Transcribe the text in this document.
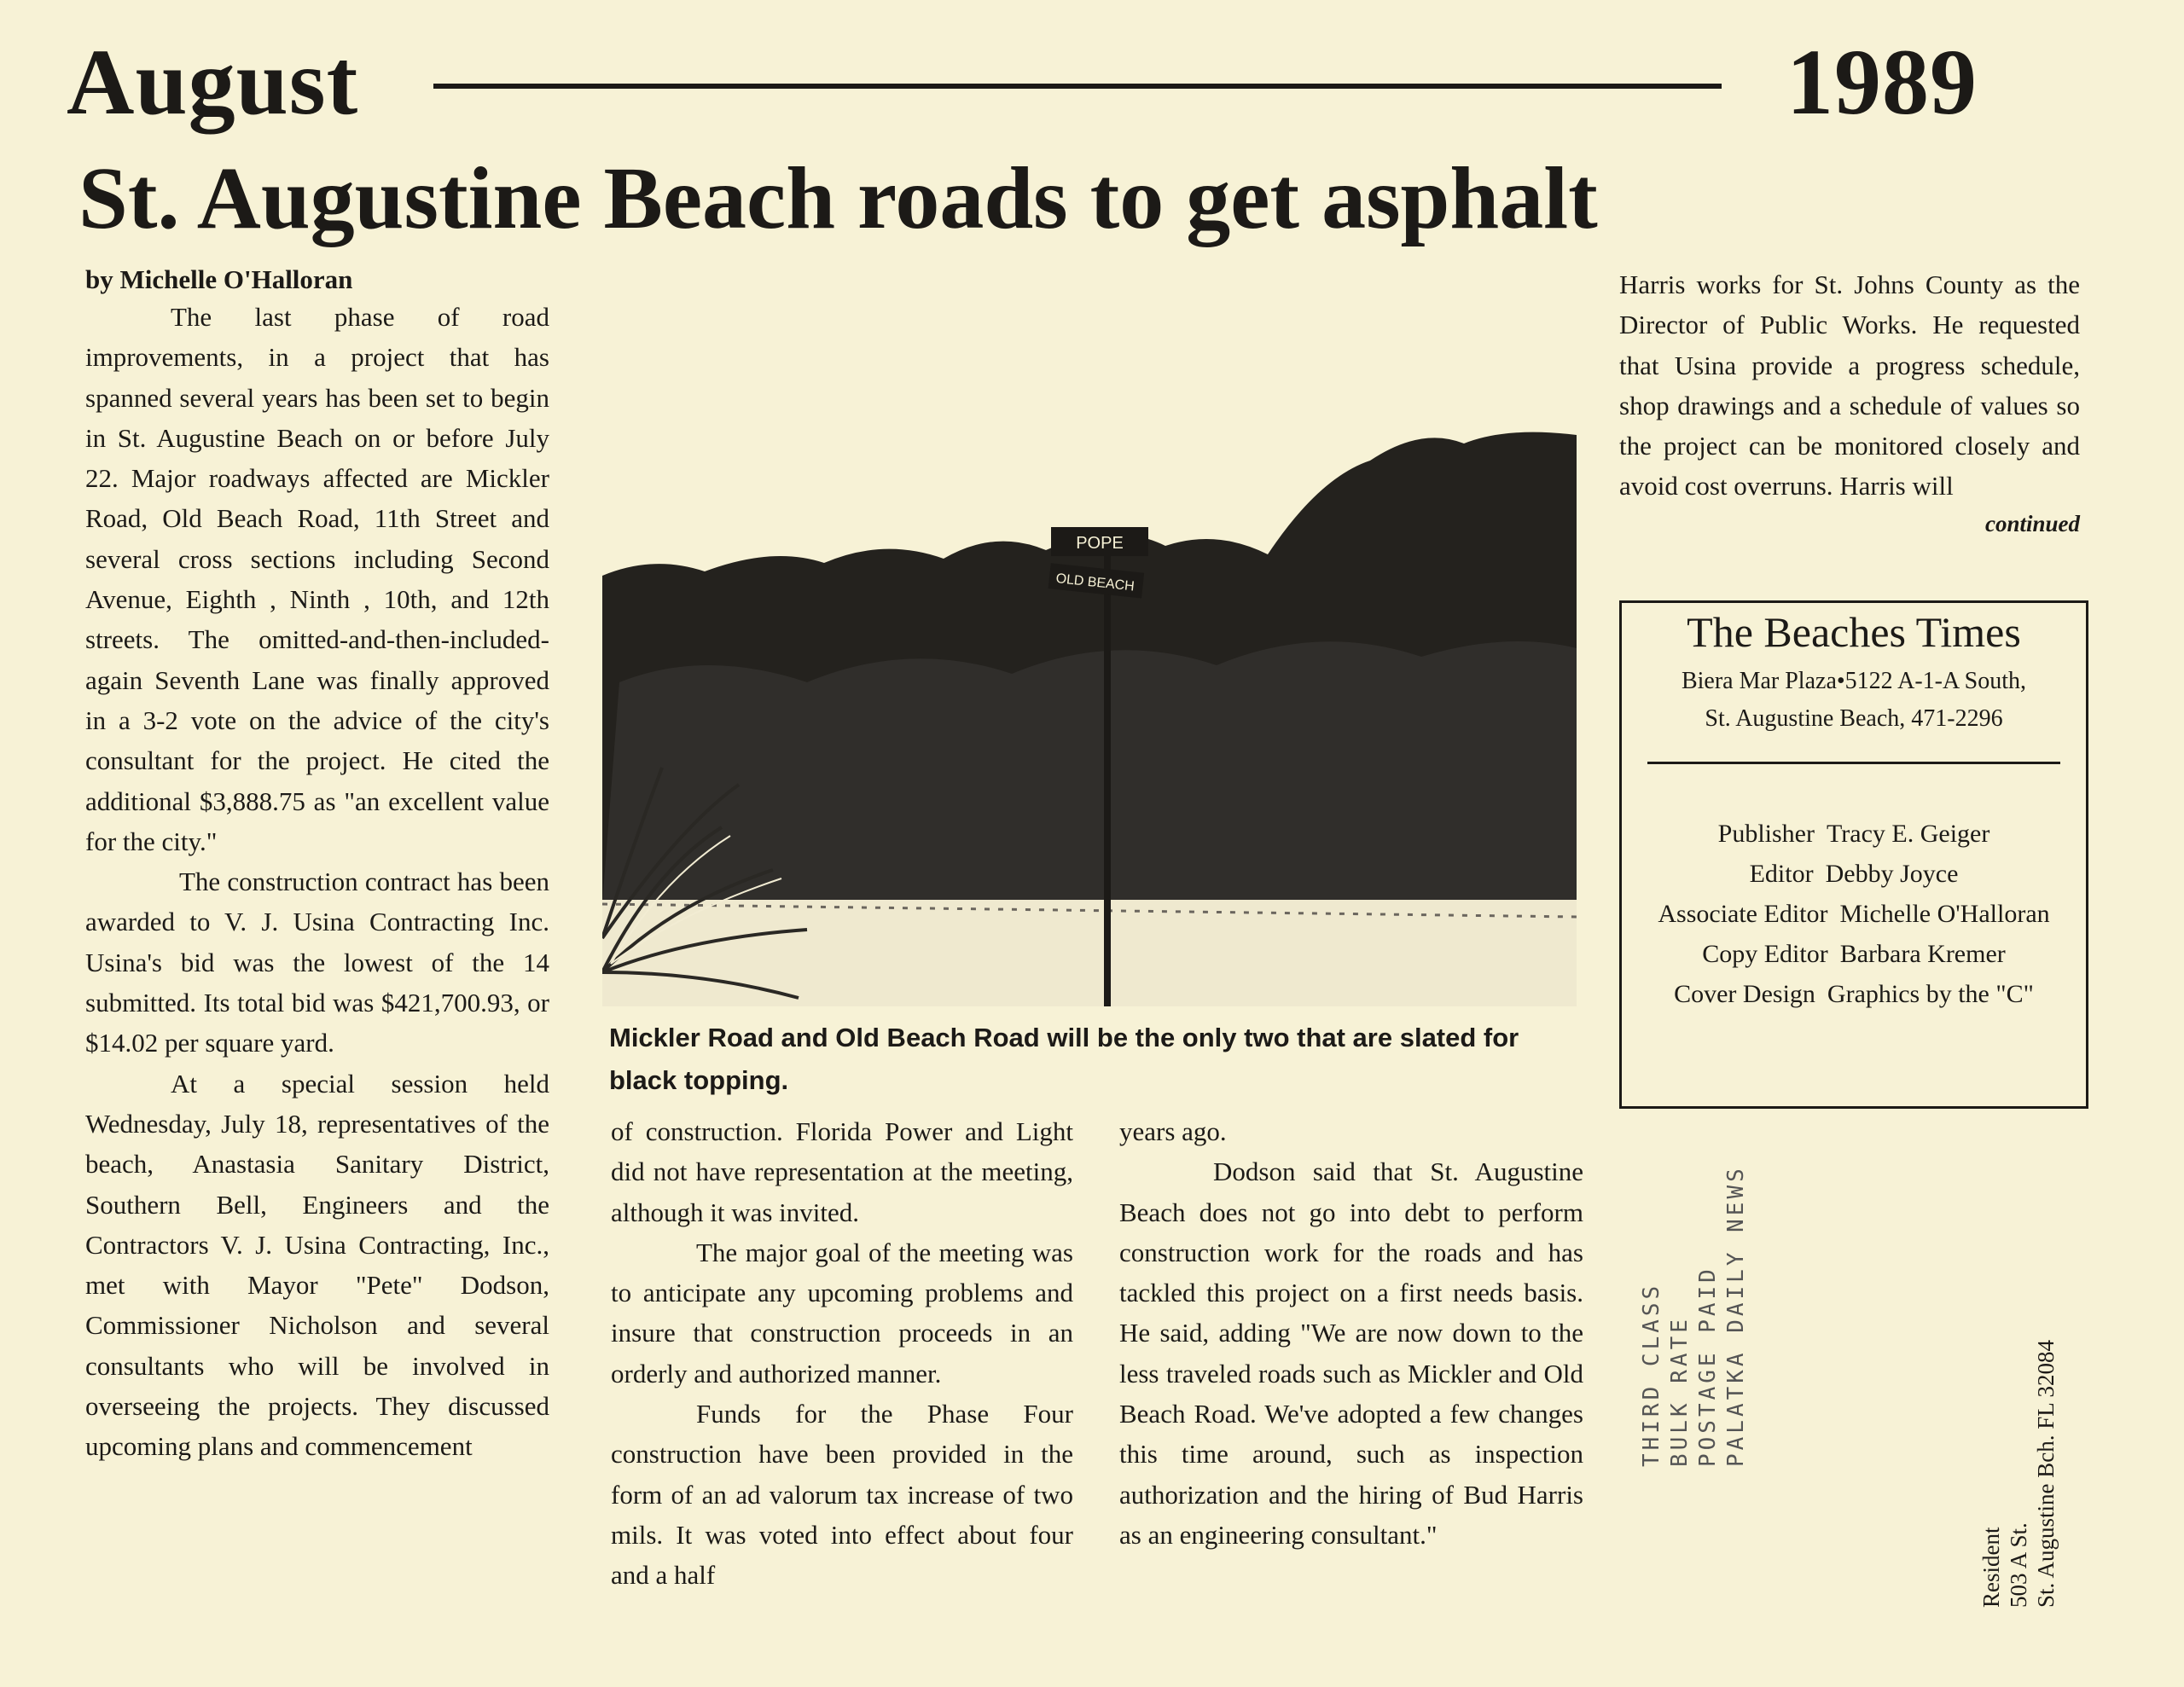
August	1989
St. Augustine Beach roads to get asphalt

by Michelle O'Halloran

The last phase of road improvements, in a project that has spanned several years has been set to begin in St. Augustine Beach on or before July 22. Major roadways affected are Mickler Road, Old Beach Road, 11th Street and several cross sections including Second Avenue, Eighth , Ninth , 10th, and 12th streets. The omitted-and-then-included-again Seventh Lane was finally approved in a 3-2 vote on the advice of the city's consultant for the project. He cited the additional $3,888.75 as "an excellent value for the city."

The construction contract has been awarded to V. J. Usina Contracting Inc. Usina's bid was the lowest of the 14 submitted. Its total bid was $421,700.93, or $14.02 per square yard.

At a special session held Wednesday, July 18, representatives of the beach, Anastasia Sanitary District, Southern Bell, Engineers and the Contractors V. J. Usina Contracting, Inc., met with Mayor "Pete" Dodson, Commissioner Nicholson and several consultants who will be involved in overseeing the projects. They discussed upcoming plans and commencement

POPE
OLD BEACH
Mickler Road and Old Beach Road will be the only two that are slated for black topping.

of construction. Florida Power and Light did not have representation at the meeting, although it was invited.

The major goal of the meeting was to anticipate any upcoming problems and insure that construction proceeds in an orderly and authorized manner.

Funds for the Phase Four construction have been provided in the form of an ad valorum tax increase of two mils. It was voted into effect about four and a half

years ago.

Dodson said that St. Augustine Beach does not go into debt to perform construction work for the roads and has tackled this project on a first needs basis. He said, adding "We are now down to the less traveled roads such as Mickler and Old Beach Road. We've adopted a few changes this time around, such as inspection authorization and the hiring of Bud Harris as an engineering consultant."

Harris works for St. Johns County as the Director of Public Works. He requested that Usina provide a progress schedule, shop drawings and a schedule of values so the project can be monitored closely and avoid cost overruns. Harris will

continued

The Beaches Times
Biera Mar Plaza•5122 A-1-A South,
St. Augustine Beach, 471-2296
Publisher Tracy E. Geiger
Editor Debby Joyce
Associate Editor Michelle O'Halloran
Copy Editor Barbara Kremer
Cover Design Graphics by the "C"
THIRD CLASS BULK RATE POSTAGE PAID PALATKA DAILY NEWS
Resident 503 A St. St. Augustine Bch. FL 32084
